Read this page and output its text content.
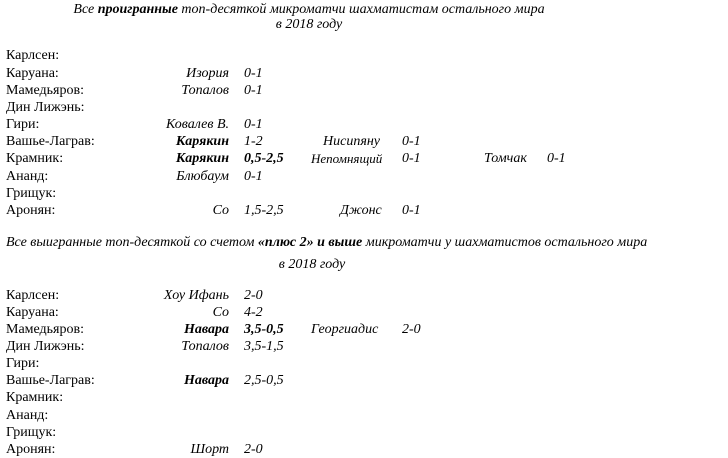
Все проигранные топ-десяткой микроматчи шахматистам остального мира
в 2018 году
Карлсен:
Каруана:	Изория 0-1
Мамедьяров:	Топалов 0-1
Дин Лижэнь:
Гири:	Ковалев В. 0-1
Вашье-Лаграв:	Карякин 1-2	Нисипяну 0-1
Крамник:	Карякин 0,5-2,5 Непомнящий 0-1	Томчак 0-1
Ананд:	Блюбаум 0-1
Грищук:
Аронян:	Со 1,5-2,5	Джонс 0-1
Все выигранные топ-десяткой со счетом «плюс 2» и выше микроматчи у шахматистов остального мира
в 2018 году
Карлсен:	Хоу Ифань 2-0
Каруана:	Со 4-2
Мамедьяров:	Навара 3,5-0,5 Георгиадис 2-0
Дин Лижэнь:	Топалов 3,5-1,5
Гири:
Вашье-Лаграв:	Навара 2,5-0,5
Крамник:
Ананд:
Грищук:
Аронян:	Шорт 2-0
